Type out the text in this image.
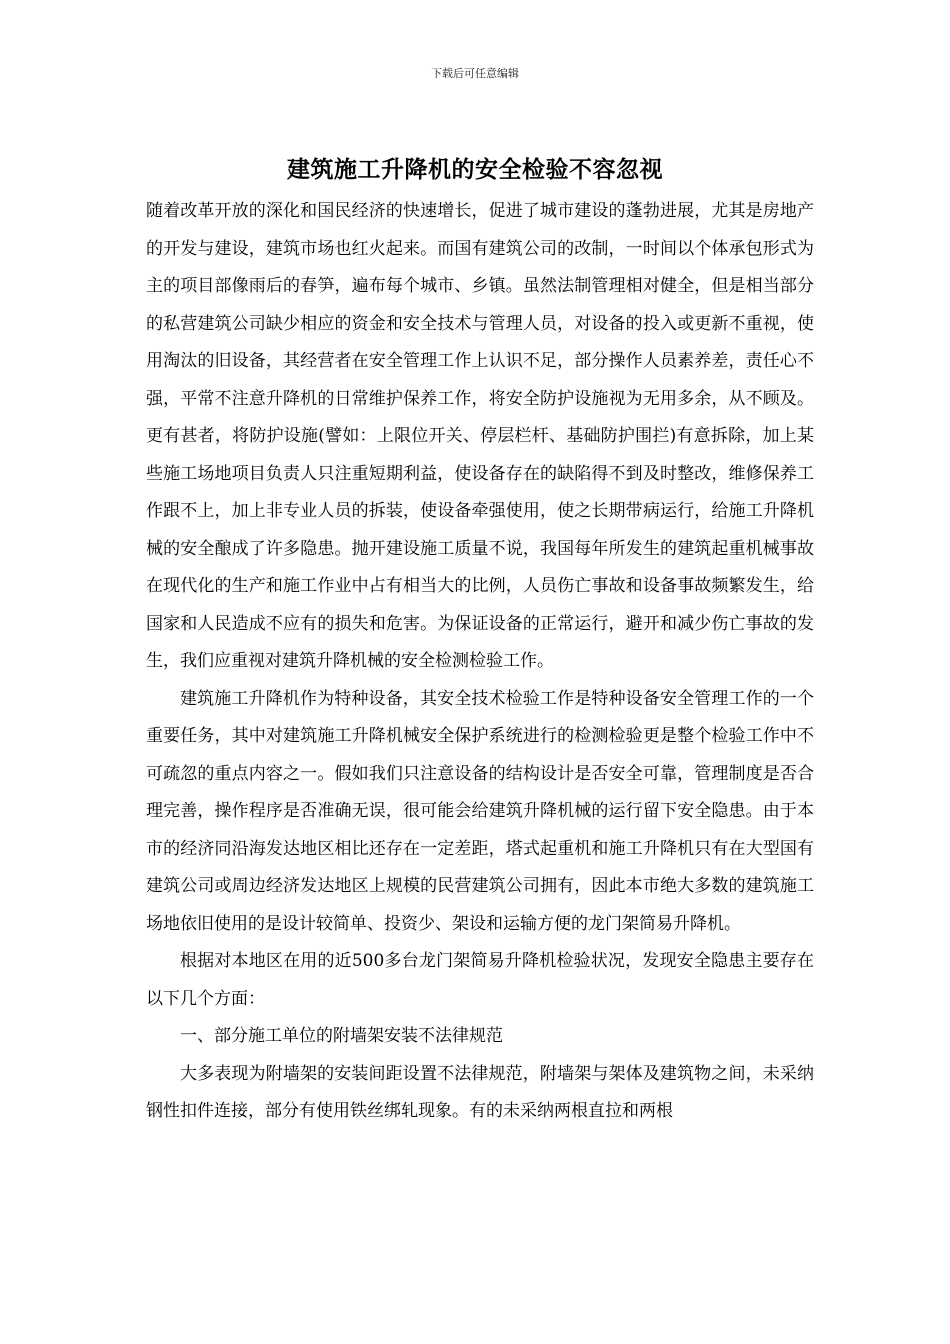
下载后可任意编辑
建筑施工升降机的安全检验不容忽视

随着改革开放的深化和国民经济的快速增长，促进了城市建设的蓬勃进展，尤其是房地产的开发与建设，建筑市场也红火起来。而国有建筑公司的改制，一时间以个体承包形式为主的项目部像雨后的春笋，遍布每个城市、乡镇。虽然法制管理相对健全，但是相当部分的私营建筑公司缺少相应的资金和安全技术与管理人员，对设备的投入或更新不重视，使用淘汰的旧设备，其经营者在安全管理工作上认识不足，部分操作人员素养差，责任心不强，平常不注意升降机的日常维护保养工作，将安全防护设施视为无用多余，从不顾及。更有甚者，将防护设施(譬如：上限位开关、停层栏杆、基础防护围拦)有意拆除，加上某些施工场地项目负责人只注重短期利益，使设备存在的缺陷得不到及时整改，维修保养工作跟不上，加上非专业人员的拆装，使设备牵强使用，使之长期带病运行，给施工升降机械的安全酿成了许多隐患。抛开建设施工质量不说，我国每年所发生的建筑起重机械事故在现代化的生产和施工作业中占有相当大的比例，人员伤亡事故和设备事故频繁发生，给国家和人民造成不应有的损失和危害。为保证设备的正常运行，避开和减少伤亡事故的发生，我们应重视对建筑升降机械的安全检测检验工作。

建筑施工升降机作为特种设备，其安全技术检验工作是特种设备安全管理工作的一个重要任务，其中对建筑施工升降机械安全保护系统进行的检测检验更是整个检验工作中不可疏忽的重点内容之一。假如我们只注意设备的结构设计是否安全可靠，管理制度是否合理完善，操作程序是否准确无误，很可能会给建筑升降机械的运行留下安全隐患。由于本市的经济同沿海发达地区相比还存在一定差距，塔式起重机和施工升降机只有在大型国有建筑公司或周边经济发达地区上规模的民营建筑公司拥有，因此本市绝大多数的建筑施工场地依旧使用的是设计较简单、投资少、架设和运输方便的龙门架简易升降机。

根据对本地区在用的近500多台龙门架简易升降机检验状况，发现安全隐患主要存在以下几个方面：

一、部分施工单位的附墙架安装不法律规范

大多表现为附墙架的安装间距设置不法律规范，附墙架与架体及建筑物之间，未采纳钢性扣件连接，部分有使用铁丝绑轧现象。有的未采纳两根直拉和两根
